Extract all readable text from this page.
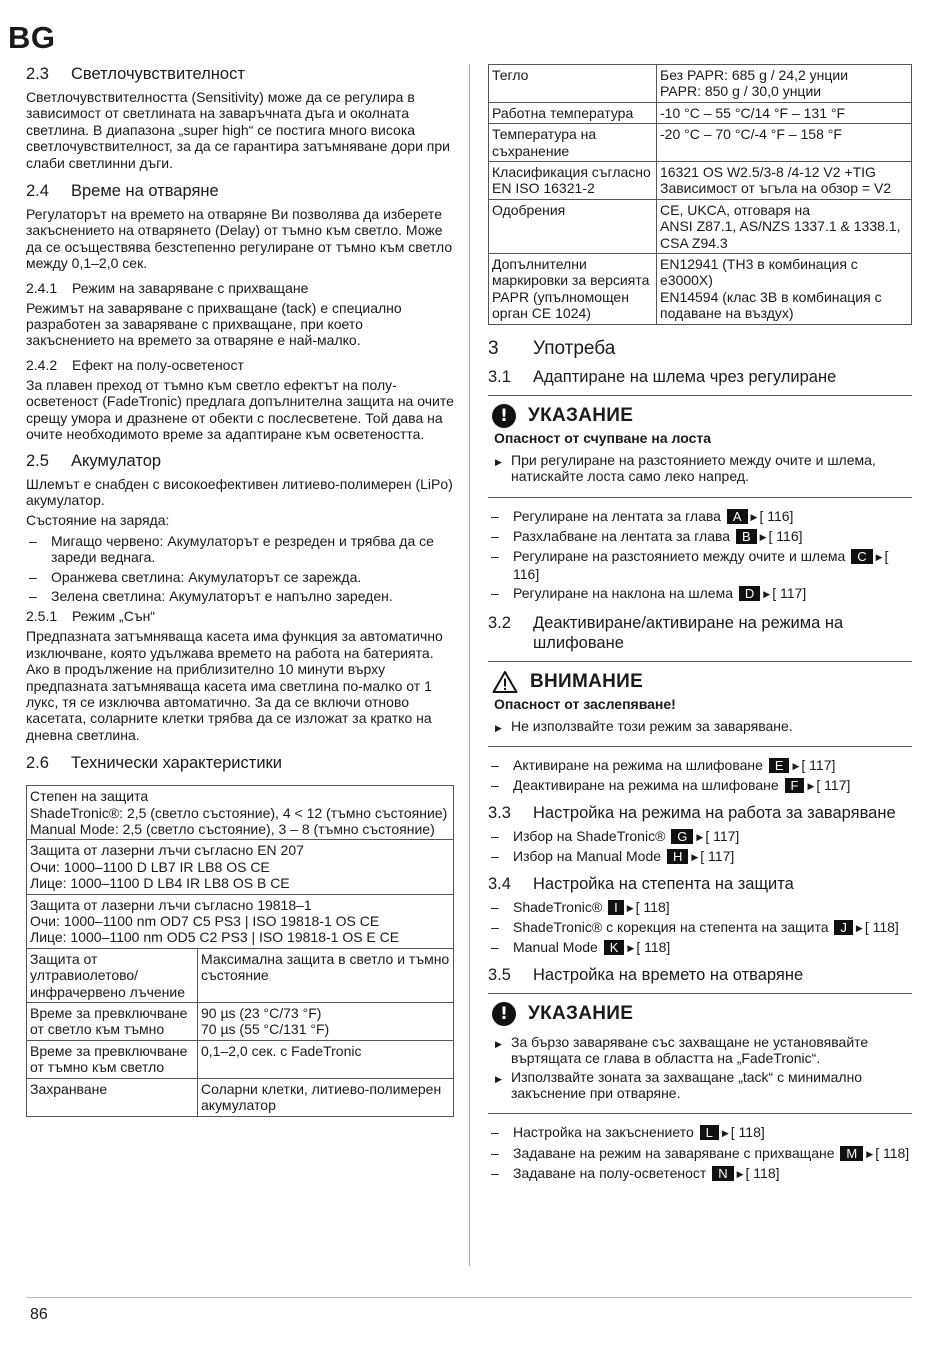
BG
2.3	Светлочувствителност
Светлочувствителността (Sensitivity) може да се регулира в зависимост от светлината на заваръчната дъга и околната светлина. В диапазона „super high“ се постига много висока светлочувствителност, за да се гарантира затъмняване дори при слаби светлинни дъги.
2.4	Време на отваряне
Регулаторът на времето на отваряне Ви позволява да изберете закъснението на отварянето (Delay) от тъмно към светло. Може да се осъществява безстепенно регулиране от тъмно към светло между 0,1–2,0 сек.
2.4.1 Режим на заваряване с прихващане
Режимът на заваряване с прихващане (tack) е специално разработен за заваряване с прихващане, при което закъснението на времето за отваряне е най-малко.
2.4.2 Ефект на полу-осветеност
За плавен преход от тъмно към светло ефектът на полу-осветеност (FadeTronic) предлага допълнителна защита на очите срещу умора и дразнене от обекти с послесветене. Той дава на очите необходимото време за адаптиране към осветеността.
2.5	Акумулатор
Шлемът е снабден с високоефективен литиево-полимерен (LiPo) акумулатор.
Състояние на заряда:
– Мигащо червено: Акумулаторът е резреден и трябва да се зареди веднага.
– Оранжева светлина: Акумулаторът се зарежда.
– Зелена светлина: Акумулаторът е напълно зареден.
2.5.1 Режим „Сън“
Предпазната затъмняваща касета има функция за автоматично изключване, която удължава времето на работа на батерията. Ако в продължение на приблизително 10 минути върху предпазната затъмняваща касета има светлина по-малко от 1 лукс, тя се изключва автоматично. За да се включи отново касетата, соларните клетки трябва да се изложат за кратко на дневна светлина.
2.6	Технически характеристики
Степен на защита
ShadeTronic®: 2,5 (светло състояние), 4 < 12 (тъмно състояние)
Manual Mode: 2,5 (светло състояние), 3 – 8 (тъмно състояние)	
Защита от лазерни лъчи съгласно EN 207
Очи: 1000–1100 D LB7 IR LB8 OS CE
Лице: 1000–1100 D LB4 IR LB8 OS B CE	
Защита от лазерни лъчи съгласно 19818–1
Очи: 1000–1100 nm OD7 C5 PS3 | ISO 19818-1 OS CE
Лице: 1000–1100 nm OD5 C2 PS3 | ISO 19818-1 OS E CE	
Защита от ултравиолетово/ инфрачервено лъчение	Максимална защита в светло и тъмно състояние
Време за превключване от светло към тъмно	90 µs (23 °C/73 °F)
70 µs (55 °C/131 °F)
Време за превключване от тъмно към светло	0,1–2,0 сек. с FadeTronic
Захранване	Соларни клетки, литиево-полимерен акумулатор
Тегло	Без PAPR: 685 g / 24,2 унции
PAPR: 850 g / 30,0 унции
Работна температура	-10 °C – 55 °C/14 °F – 131 °F
Температура на съхранение	-20 °C – 70 °C/-4 °F – 158 °F
Класификация съгласно EN ISO 16321-2	16321 OS W2.5/3-8 /4-12 V2 +TIG
Зависимост от ъгъла на обзор = V2
Одобрения	CE, UKCA, отговаря на
ANSI Z87.1, AS/NZS 1337.1 & 1338.1, CSA Z94.3
Допълнителни маркировки за версията PAPR (упълномощен орган CE 1024)	EN12941 (TH3 в комбинация с e3000X)
EN14594 (клас 3B в комбинация с подаване на въздух)
3	Употреба
3.1	Адаптиране на шлема чрез регулиране
!	УКАЗАНИЕ
Опасност от счупване на лоста
▶ При регулиране на разстоянието между очите и шлема, натискайте лоста само леко напред.
– Регулиране на лентата за глава A ▶ [ 116]
– Разхлабване на лентата за глава B ▶ [ 116]
– Регулиране на разстоянието между очите и шлема C ▶ [ 116]
– Регулиране на наклона на шлема D ▶ [ 117]
3.2	Деактивиране/активиране на режима на шлифоване
ВНИМАНИЕ
Опасност от заслепяване!
▶ Не използвайте този режим за заваряване.
– Активиране на режима на шлифоване E ▶ [ 117]
– Деактивиране на режима на шлифоване F ▶ [ 117]
3.3	Настройка на режима на работа за заваряване
– Избор на ShadeTronic® G ▶ [ 117]
– Избор на Manual Mode H ▶ [ 117]
3.4	Настройка на степента на защита
– ShadeTronic® I ▶ [ 118]
– ShadeTronic® с корекция на степента на защита J ▶ [ 118]
– Manual Mode K ▶ [ 118]
3.5	Настройка на времето на отваряне
!	УКАЗАНИЕ
▶ За бързо заваряване със захващане не установявайте въртящата се глава в областта на „FadeTronic“.
▶ Използвайте зоната за захващане „tack“ с минимално закъснение при отваряне.
– Настройка на закъснението L ▶ [ 118]
– Задаване на режим на заваряване с прихващане M ▶ [ 118]
– Задаване на полу-осветеност N ▶ [ 118]
86
